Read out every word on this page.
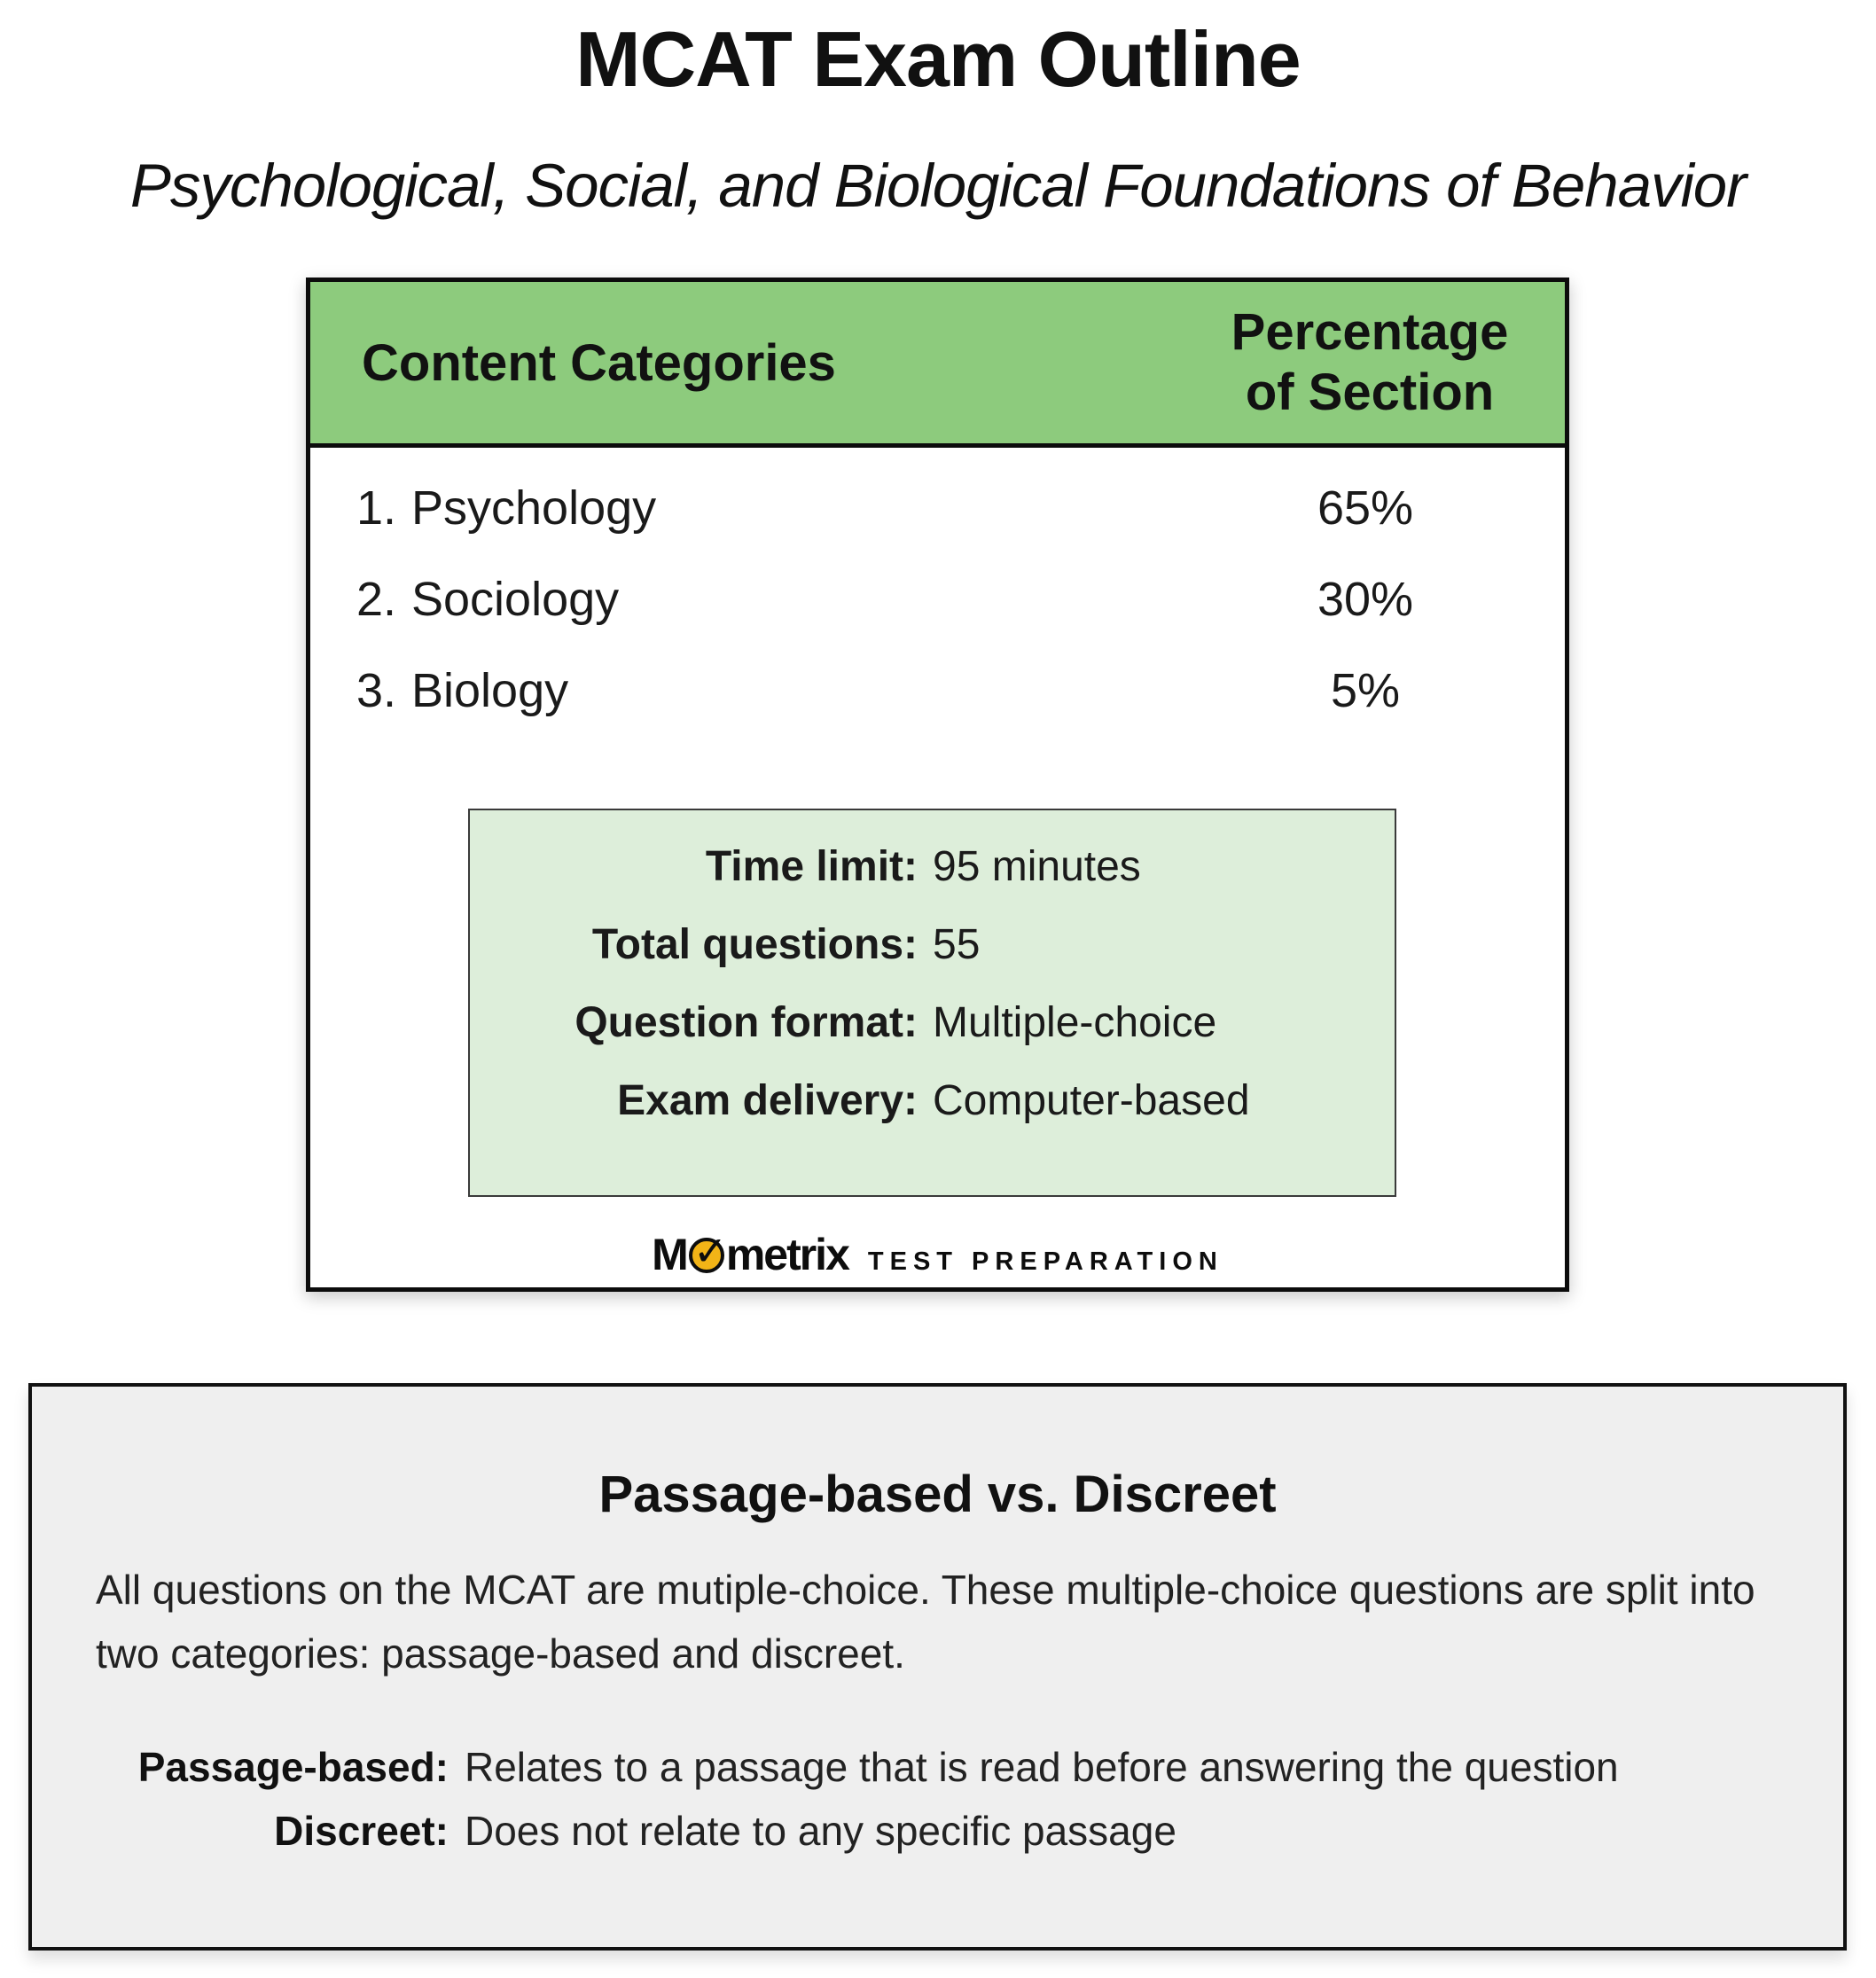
MCAT Exam Outline
Psychological, Social, and Biological Foundations of Behavior
Content Categories
Percentage of Section
1. Psychology	65%
2. Sociology	30%
3. Biology	5%
Time limit: 95 minutes
Total questions: 55
Question format: Multiple-choice
Exam delivery: Computer-based
M ✓
metrix TEST PREPARATION
Passage-based vs. Discreet
All questions on the MCAT are mutiple-choice. These multiple-choice questions are split into two categories: passage-based and discreet.
Passage-based: Relates to a passage that is read before answering the question
Discreet: Does not relate to any specific passage
